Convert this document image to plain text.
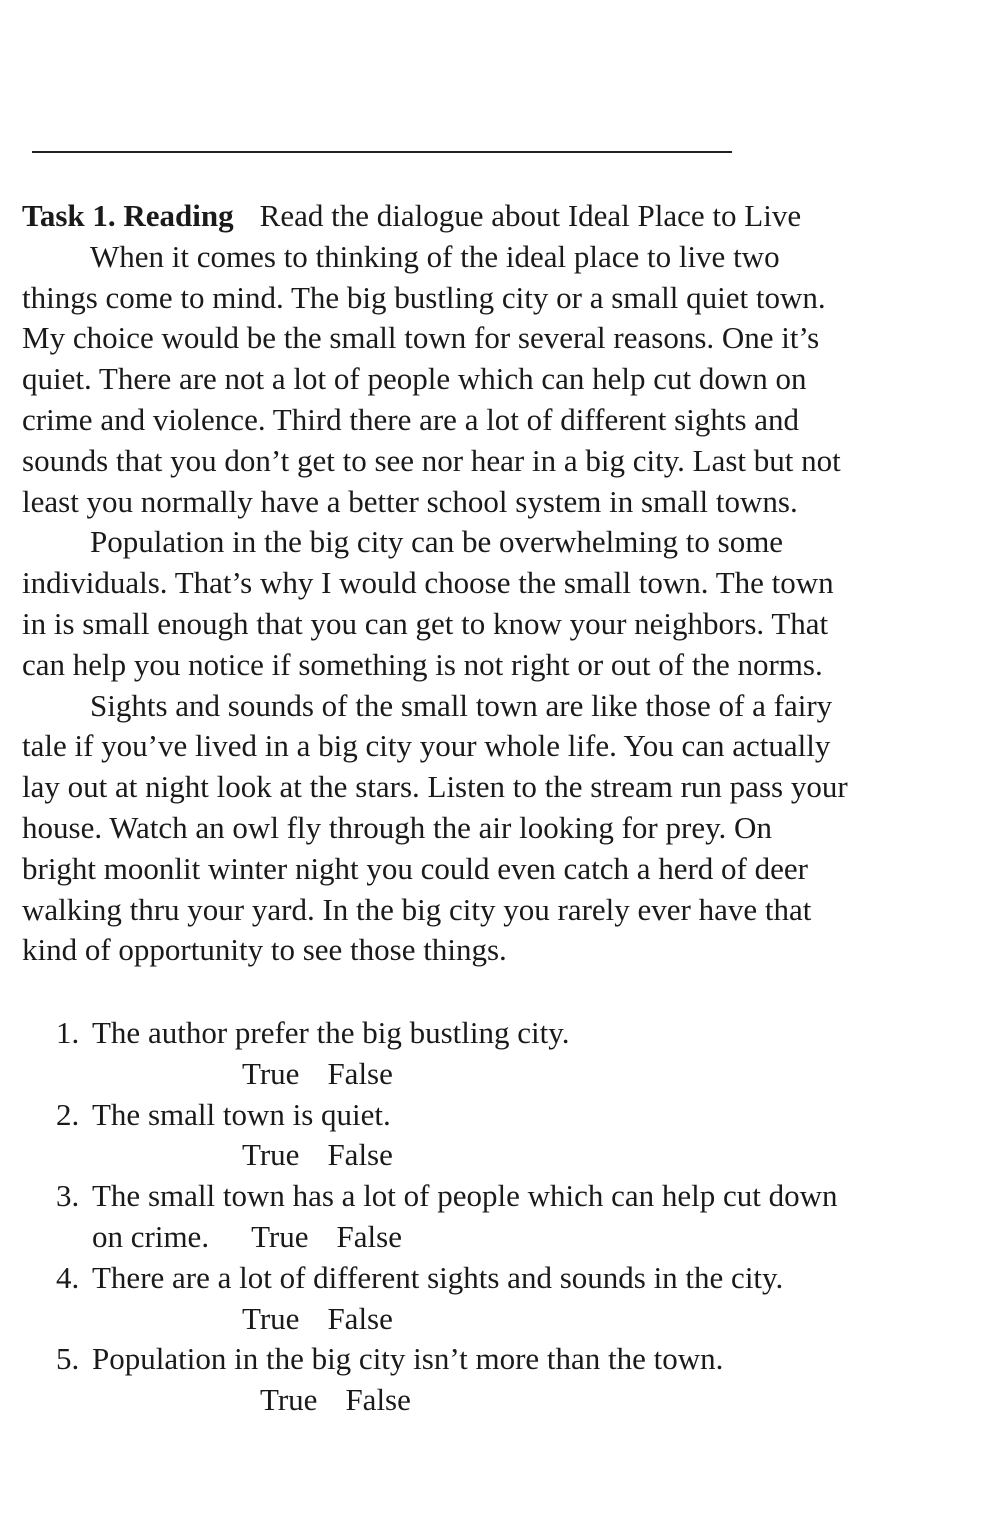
Task 1. Reading Read the dialogue about Ideal Place to Live
When it comes to thinking of the ideal place to live two
things come to mind. The big bustling city or a small quiet town.
My choice would be the small town for several reasons. One it’s
quiet. There are not a lot of people which can help cut down on
crime and violence. Third there are a lot of different sights and
sounds that you don’t get to see nor hear in a big city. Last but not
least you normally have a better school system in small towns.
Population in the big city can be overwhelming to some
individuals. That’s why I would choose the small town. The town
in is small enough that you can get to know your neighbors. That
can help you notice if something is not right or out of the norms.
Sights and sounds of the small town are like those of a fairy
tale if you’ve lived in a big city your whole life. You can actually
lay out at night look at the stars. Listen to the stream run pass your
house. Watch an owl fly through the air looking for prey. On
bright moonlit winter night you could even catch a herd of deer
walking thru your yard. In the big city you rarely ever have that
kind of opportunity to see those things.
1. The author prefer the big bustling city.
True False
2. The small town is quiet.
True False
3. The small town has a lot of people which can help cut down
on crime. True False
4. There are a lot of different sights and sounds in the city.
True False
5. Population in the big city isn’t more than the town.
True False
